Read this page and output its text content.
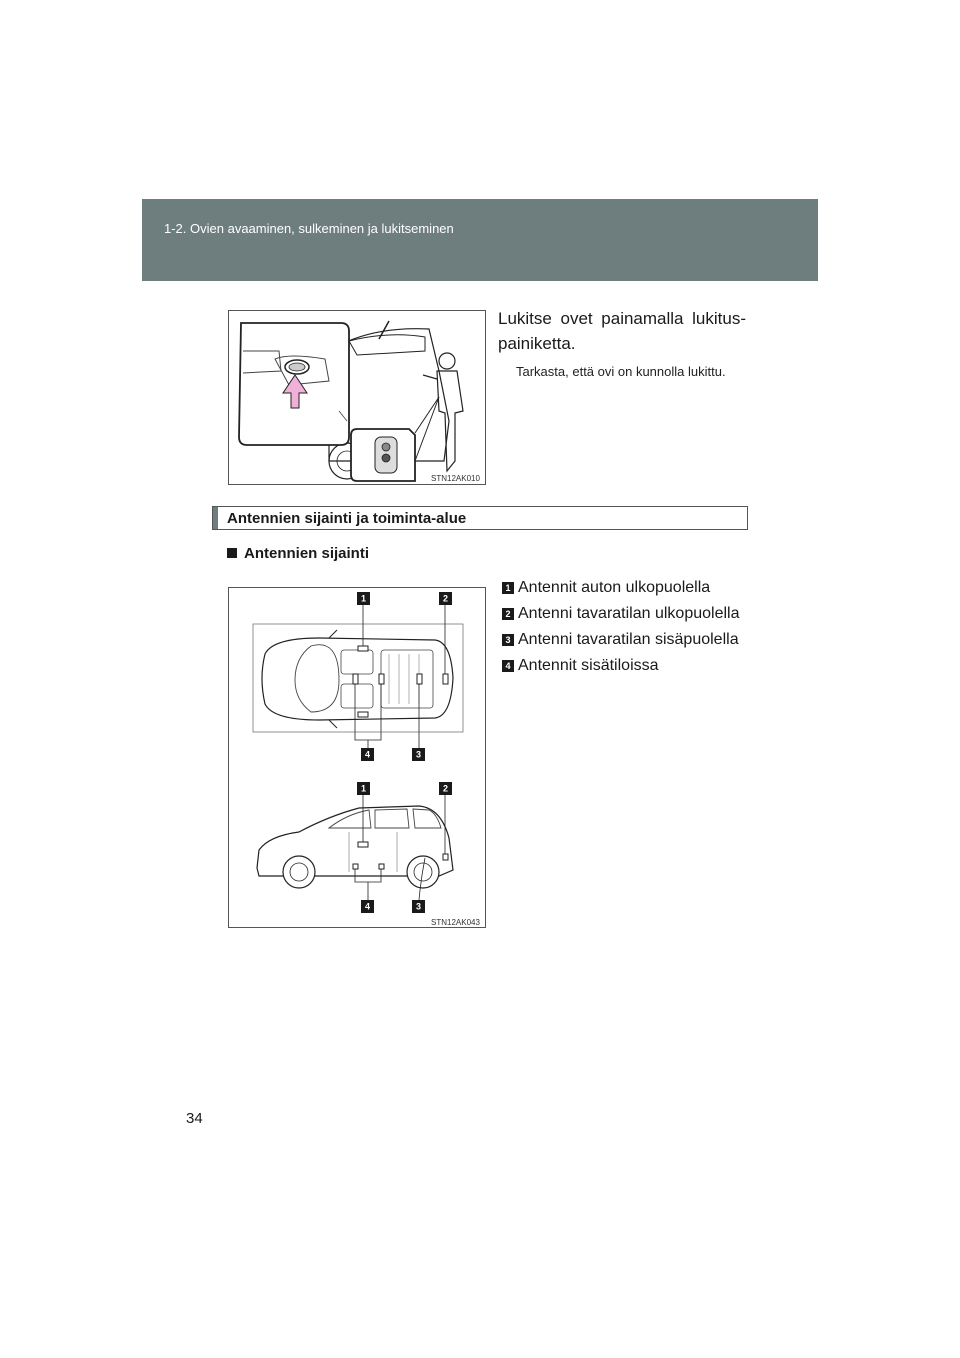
1-2. Ovien avaaminen, sulkeminen ja lukitseminen
STN12AK010
Lukitse ovet painamalla lukitus-painiketta.
Tarkasta, että ovi on kunnolla lukittu.
Antennien sijainti ja toiminta-alue
Antennien sijainti
1	2
4	3
1	2
4	3
STN12AK043
1 Antennit auton ulkopuolella
2 Antenni tavaratilan ulkopuolella
3 Antenni tavaratilan sisäpuolella
4 Antennit sisätiloissa
34
